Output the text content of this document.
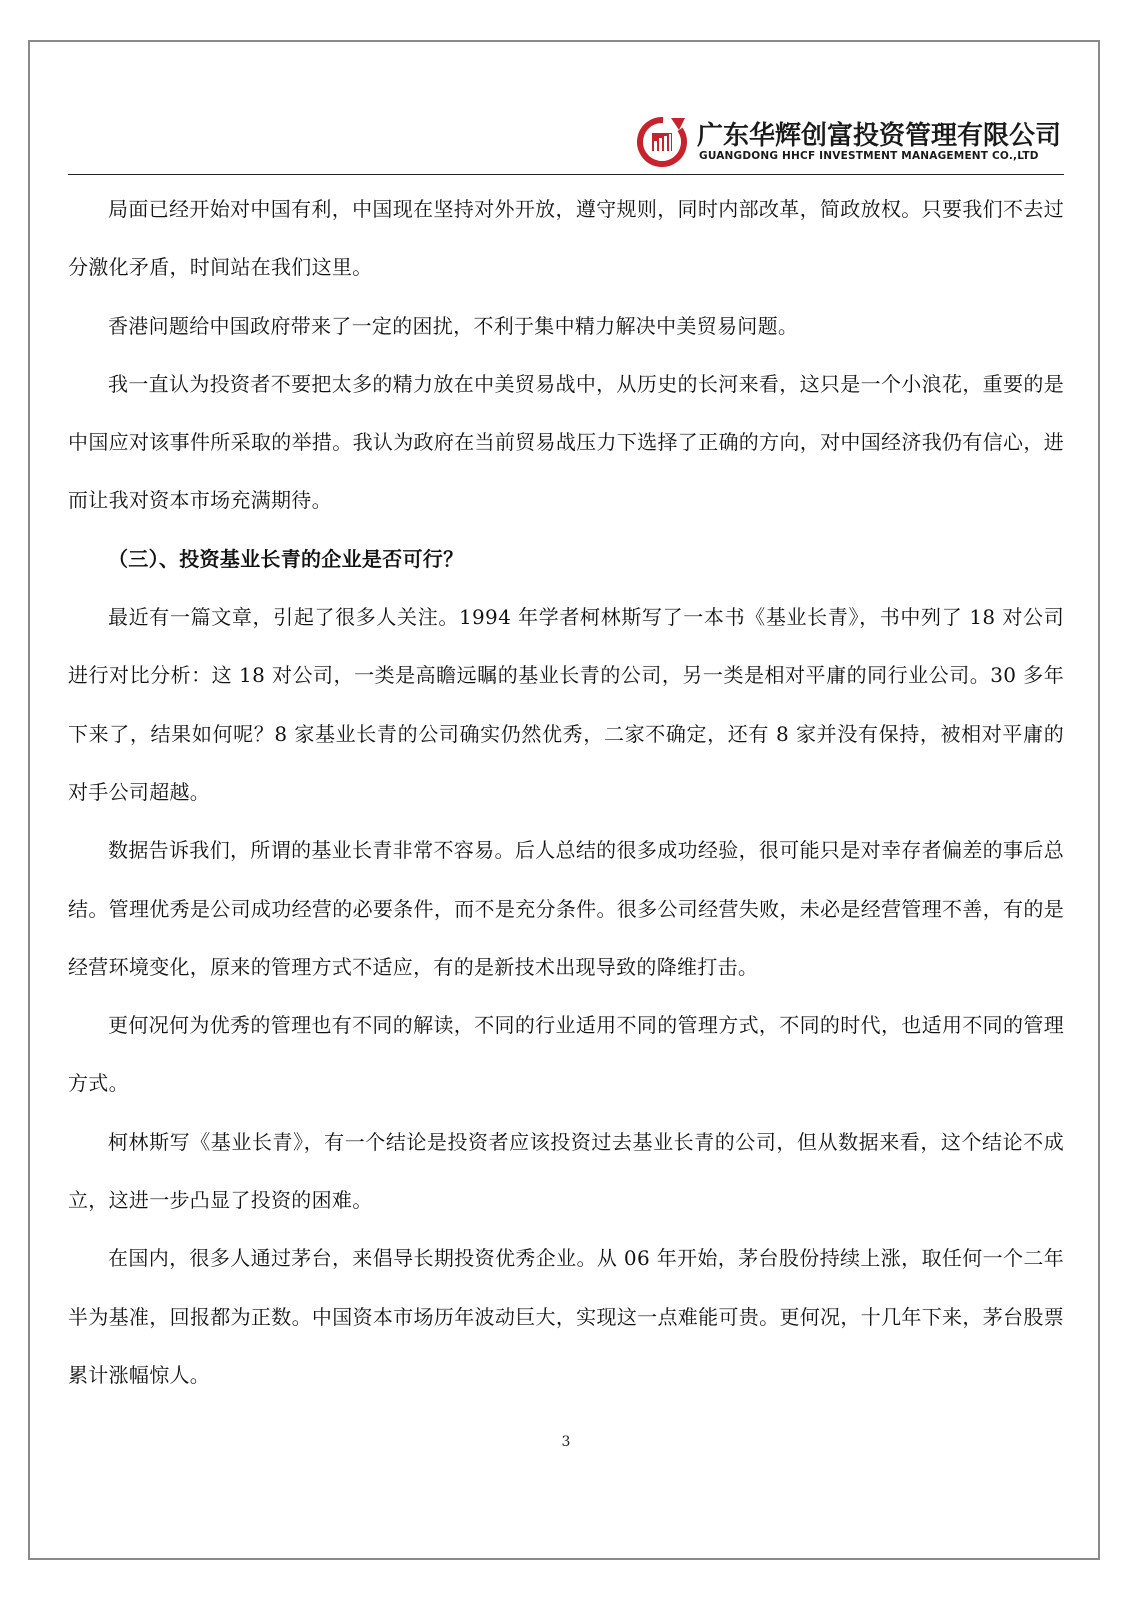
广东华辉创富投资管理有限公司
GUANGDONG HHCF INVESTMENT MANAGEMENT CO.,LTD

局面已经开始对中国有利，中国现在坚持对外开放，遵守规则，同时内部改革，简政放权。只要我们不去过分激化矛盾，时间站在我们这里。

香港问题给中国政府带来了一定的困扰，不利于集中精力解决中美贸易问题。

我一直认为投资者不要把太多的精力放在中美贸易战中，从历史的长河来看，这只是一个小浪花，重要的是中国应对该事件所采取的举措。我认为政府在当前贸易战压力下选择了正确的方向，对中国经济我仍有信心，进而让我对资本市场充满期待。

（三）、投资基业长青的企业是否可行？

最近有一篇文章，引起了很多人关注。1994 年学者柯林斯写了一本书《基业长青》，书中列了 18 对公司进行对比分析：这 18 对公司，一类是高瞻远瞩的基业长青的公司，另一类是相对平庸的同行业公司。30 多年下来了，结果如何呢？8 家基业长青的公司确实仍然优秀，二家不确定，还有 8 家并没有保持，被相对平庸的对手公司超越。

数据告诉我们，所谓的基业长青非常不容易。后人总结的很多成功经验，很可能只是对幸存者偏差的事后总结。管理优秀是公司成功经营的必要条件，而不是充分条件。很多公司经营失败，未必是经营管理不善，有的是经营环境变化，原来的管理方式不适应，有的是新技术出现导致的降维打击。

更何况何为优秀的管理也有不同的解读，不同的行业适用不同的管理方式，不同的时代，也适用不同的管理方式。

柯林斯写《基业长青》，有一个结论是投资者应该投资过去基业长青的公司，但从数据来看，这个结论不成立，这进一步凸显了投资的困难。

在国内，很多人通过茅台，来倡导长期投资优秀企业。从 06 年开始，茅台股份持续上涨，取任何一个二年半为基准，回报都为正数。中国资本市场历年波动巨大，实现这一点难能可贵。更何况，十几年下来，茅台股票累计涨幅惊人。

3
